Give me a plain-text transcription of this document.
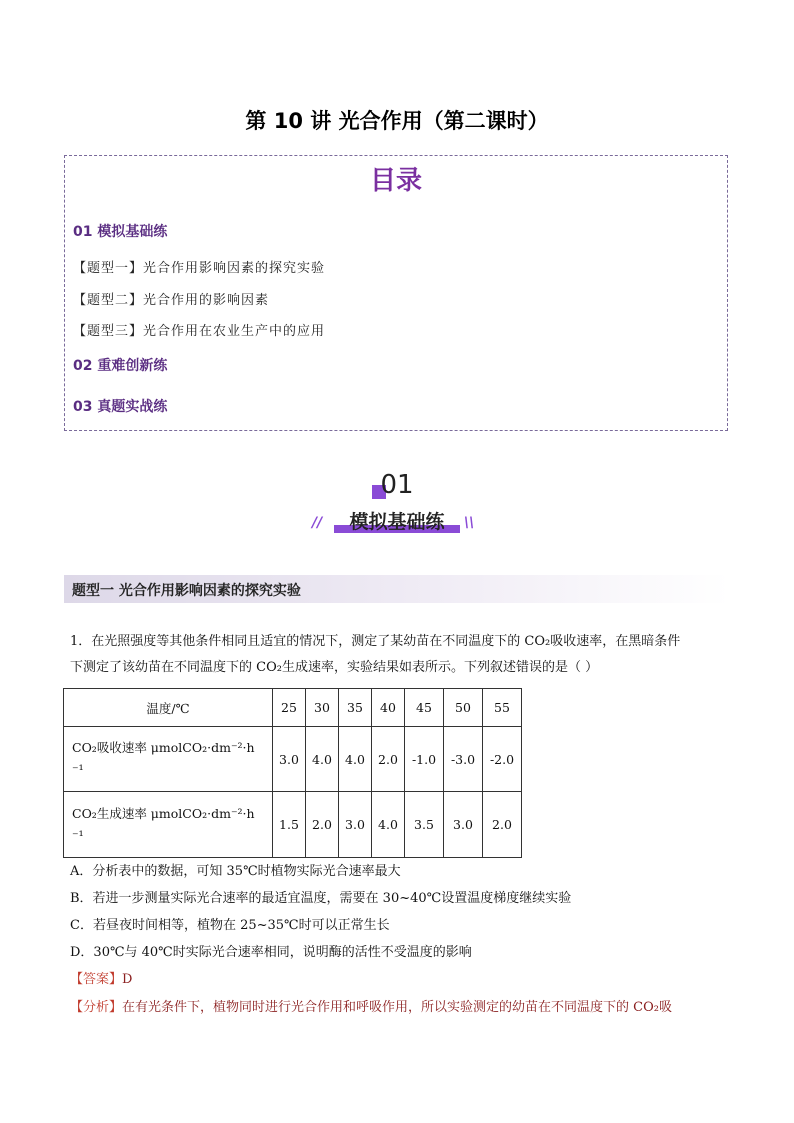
第 10 讲 光合作用（第二课时）
目录
01 模拟基础练
【题型一】光合作用影响因素的探究实验
【题型二】光合作用的影响因素
【题型三】光合作用在农业生产中的应用
02 重难创新练
03 真题实战练
01
模拟基础练
//	\\
题型一 光合作用影响因素的探究实验
1．在光照强度等其他条件相同且适宜的情况下，测定了某幼苗在不同温度下的 CO₂吸收速率，在黑暗条件
下测定了该幼苗在不同温度下的 CO₂生成速率，实验结果如表所示。下列叙述错误的是（ ）
温度/℃	25	30	35	40	45	50	55
CO₂吸收速率 μmolCO₂·dm⁻²·h
⁻¹	3.0	4.0	4.0	2.0	-1.0	-3.0	-2.0
CO₂生成速率 μmolCO₂·dm⁻²·h
⁻¹	1.5	2.0	3.0	4.0	3.5	3.0	2.0
A．分析表中的数据，可知 35℃时植物实际光合速率最大
B．若进一步测量实际光合速率的最适宜温度，需要在 30~40℃设置温度梯度继续实验
C．若昼夜时间相等，植物在 25~35℃时可以正常生长
D．30℃与 40℃时实际光合速率相同，说明酶的活性不受温度的影响
【答案】D
【分析】在有光条件下，植物同时进行光合作用和呼吸作用，所以实验测定的幼苗在不同温度下的 CO₂吸
